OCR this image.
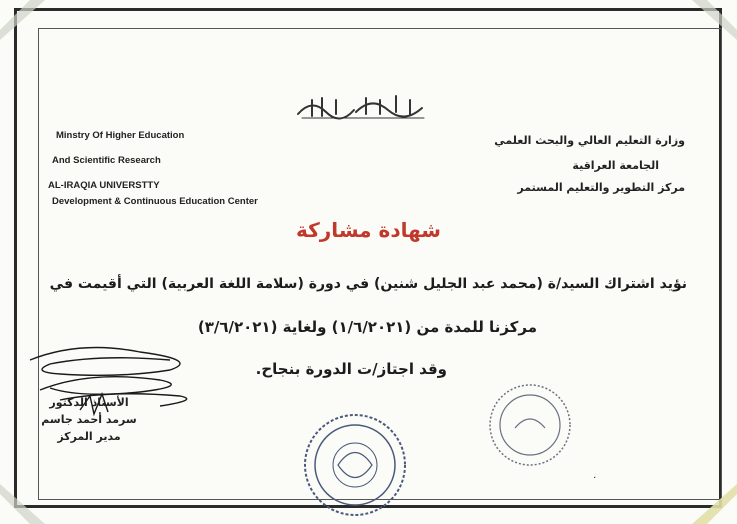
Minstry Of Higher Education
And Scientific Research
AL-IRAQIA UNIVERSTTY
Development & Continuous Education Center
وزارة التعليم العالي والبحث العلمي
الجامعة العراقية
مركز التطوير والتعليم المستمر
شهادة مشاركة
نؤيد اشتراك السيد/ة (محمد عبد الجليل شنين) في دورة (سلامة اللغة العربية) التي أقيمت في
مركزنا للمدة من (١/٦/٢٠٢١) ولغاية (٣/٦/٢٠٢١)
وقد اجتاز/ت الدورة بنجاح.
الأستاذ الدكتور
سرمد أحمد جاسم
مدير المركز
٠
